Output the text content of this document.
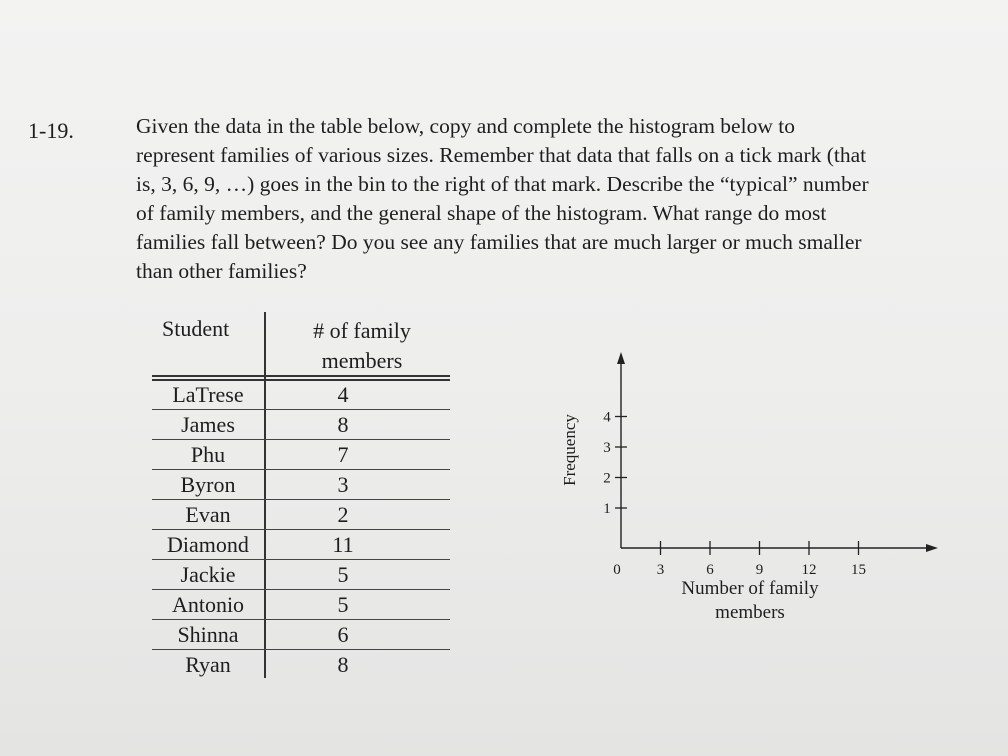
1-19.	Given the data in the table below, copy and complete the histogram below to
represent families of various sizes. Remember that data that falls on a tick mark (that
is, 3, 6, 9, …) goes in the bin to the right of that mark. Describe the “typical” number
of family members, and the general shape of the histogram. What range do most
families fall between? Do you see any families that are much larger or much smaller
than other families?
Student	# of family
members
LaTrese	4
James	8
Phu	7
Byron	3
Evan	2
Diamond	11
Jackie	5
Antonio	5
Shinna	6
Ryan	8
0 3	6	9	12 15
1
2
3
4
Number of family
members
Frequency
